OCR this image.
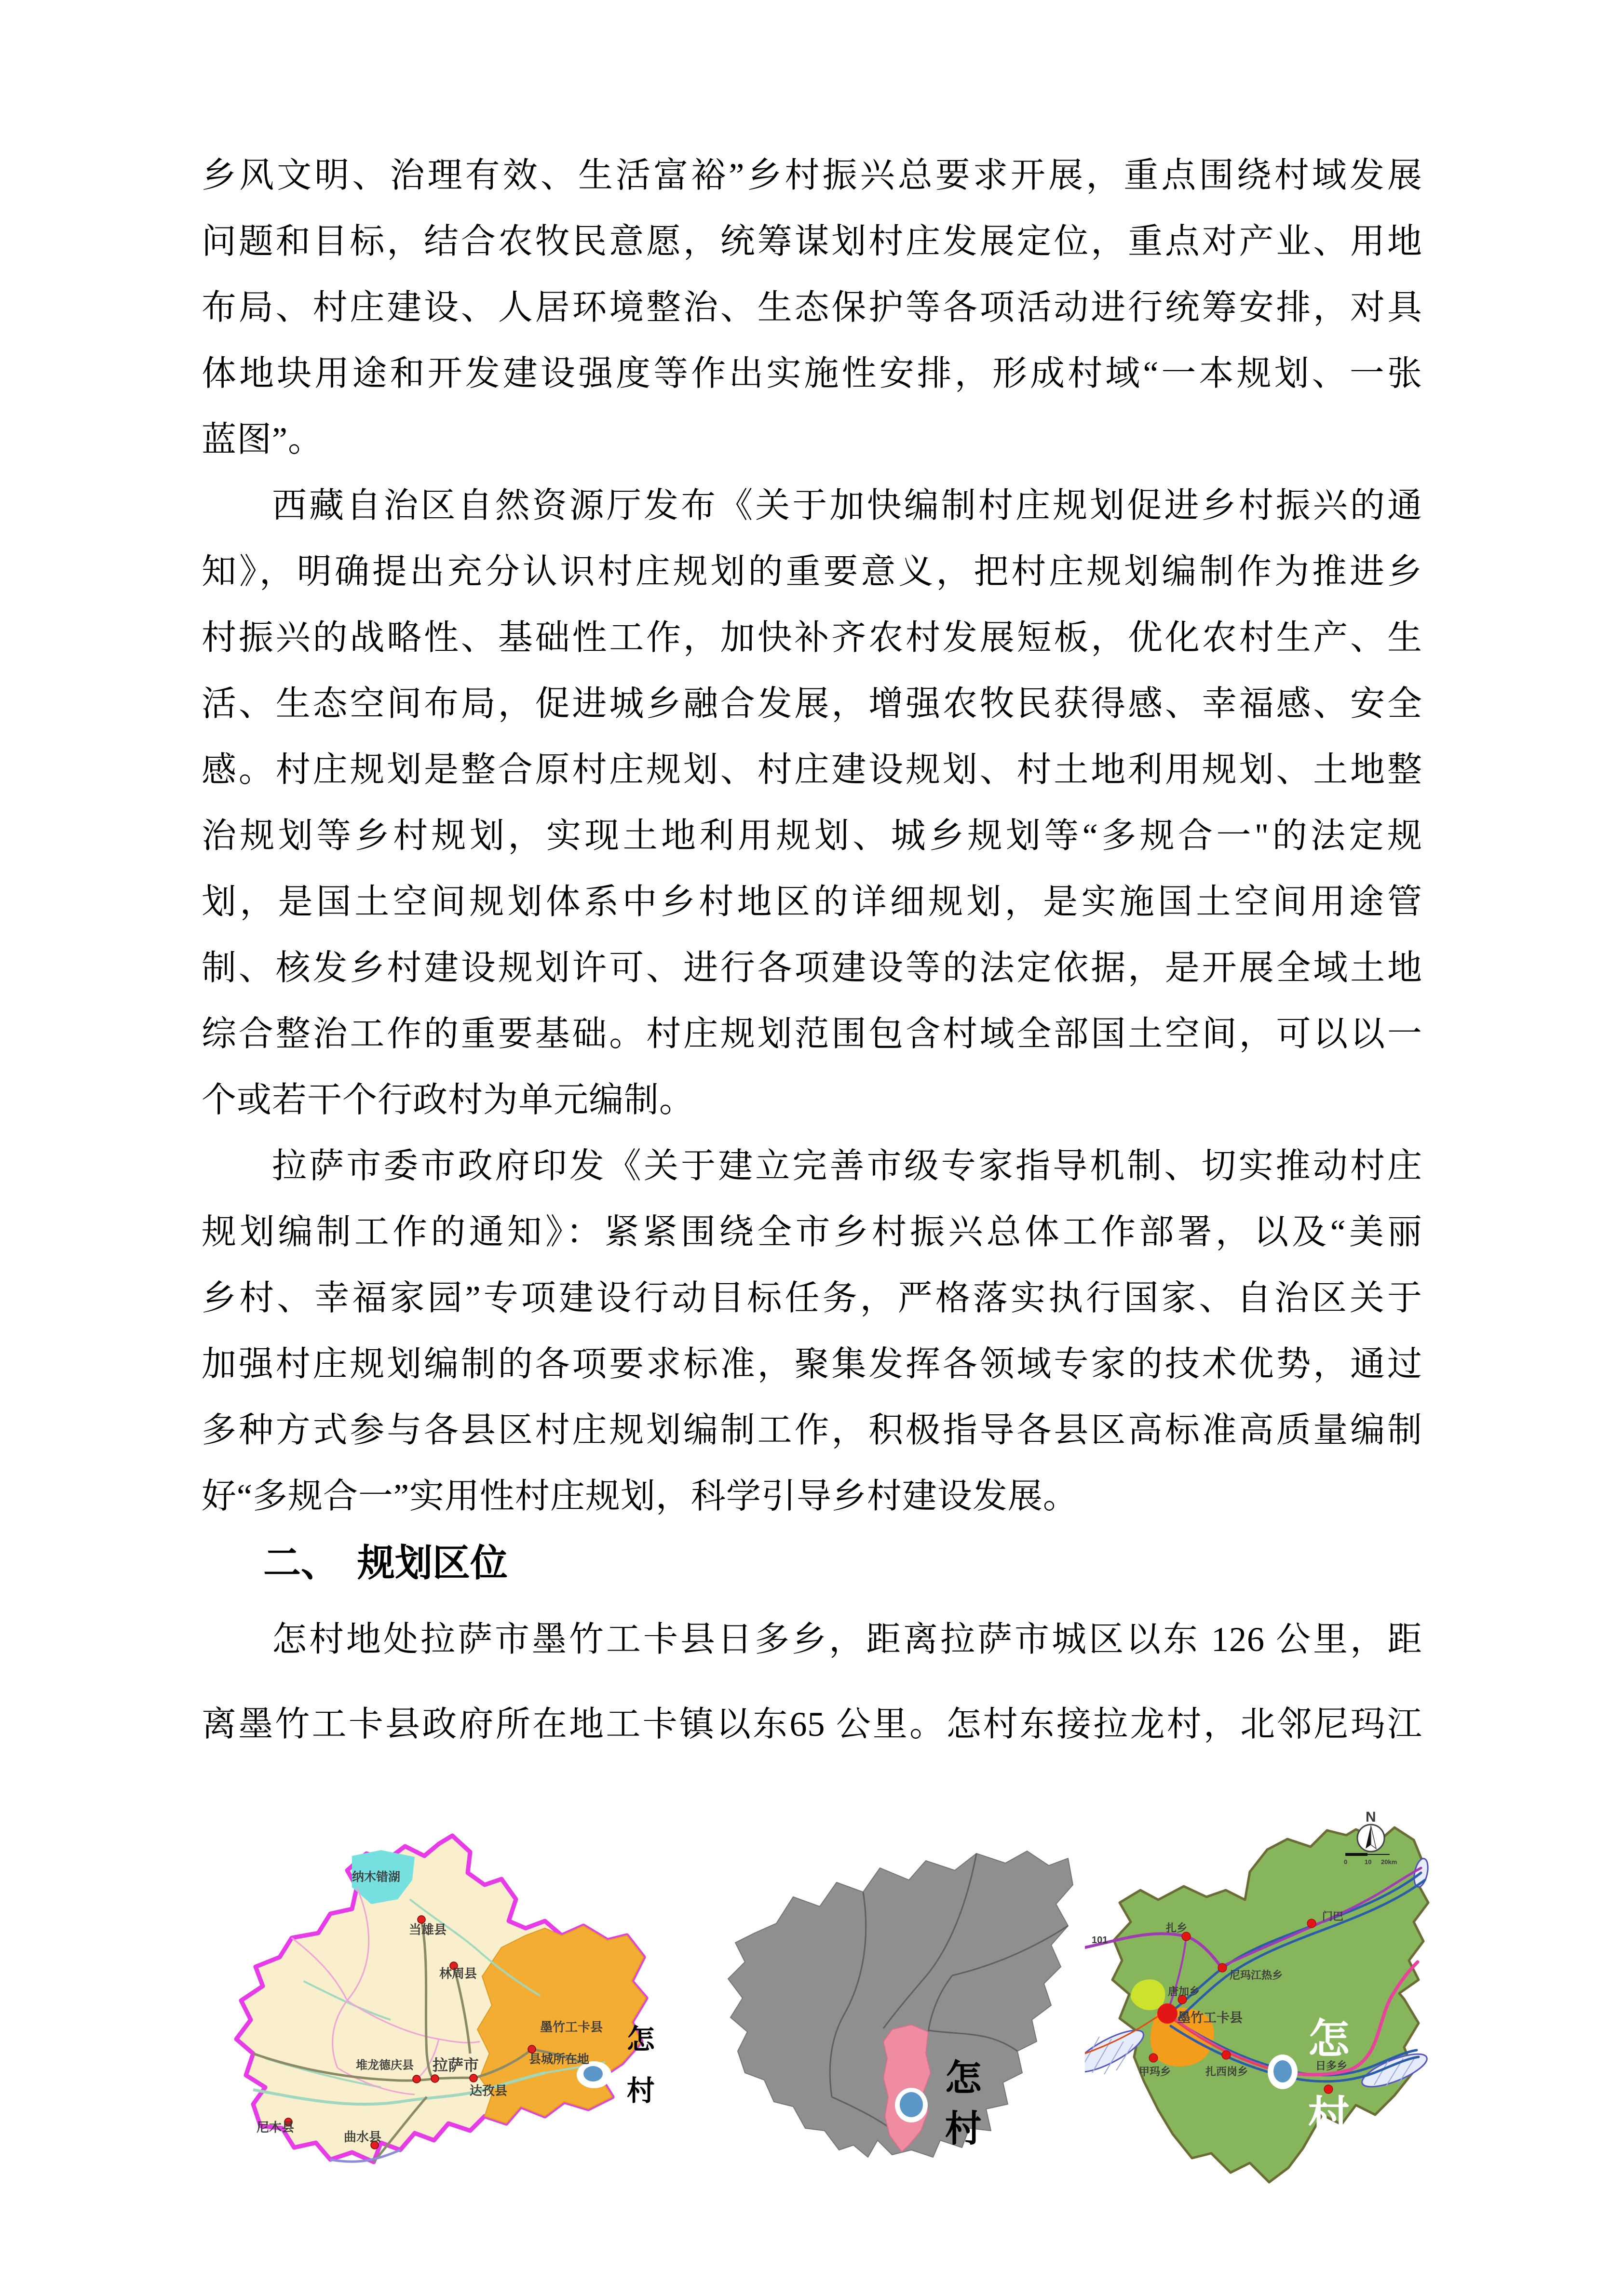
乡风文明、治理有效、生活富裕”乡村振兴总要求开展，重点围绕村域发展
问题和目标，结合农牧民意愿，统筹谋划村庄发展定位，重点对产业、用地
布局、村庄建设、人居环境整治、生态保护等各项活动进行统筹安排，对具
体地块用途和开发建设强度等作出实施性安排，形成村域“一本规划、一张
蓝图”。
西藏自治区自然资源厅发布《关于加快编制村庄规划促进乡村振兴的通
知》，明确提出充分认识村庄规划的重要意义，把村庄规划编制作为推进乡
村振兴的战略性、基础性工作，加快补齐农村发展短板，优化农村生产、生
活、生态空间布局，促进城乡融合发展，增强农牧民获得感、幸福感、安全
感。村庄规划是整合原村庄规划、村庄建设规划、村土地利用规划、土地整
治规划等乡村规划，实现土地利用规划、城乡规划等“多规合一"的法定规
划，是国土空间规划体系中乡村地区的详细规划，是实施国土空间用途管
制、核发乡村建设规划许可、进行各项建设等的法定依据，是开展全域土地
综合整治工作的重要基础。村庄规划范围包含村域全部国土空间，可以以一
个或若干个行政村为单元编制。
拉萨市委市政府印发《关于建立完善市级专家指导机制、切实推动村庄
规划编制工作的通知》：紧紧围绕全市乡村振兴总体工作部署，以及“美丽
乡村、幸福家园”专项建设行动目标任务，严格落实执行国家、自治区关于
加强村庄规划编制的各项要求标准，聚集发挥各领域专家的技术优势，通过
多种方式参与各县区村庄规划编制工作，积极指导各县区高标准高质量编制
好“多规合一”实用性村庄规划，科学引导乡村建设发展。
二、　规划区位
怎村地处拉萨市墨竹工卡县日多乡，距离拉萨市城区以东 126 公里，距
离墨竹工卡县政府所在地工卡镇以东65 公里。怎村东接拉龙村，北邻尼玛江
纳木错湖
当雄县
林周县
堆龙德庆县
达孜县
尼木县
曲水县
拉萨市
墨竹工卡县
县城所在地
N
0	10 20km
101
扎乡
门巴
尼玛江热乡
唐加乡
甲玛乡	扎西岗乡	日多乡
墨竹工卡县
怎村	怎村
怎村
